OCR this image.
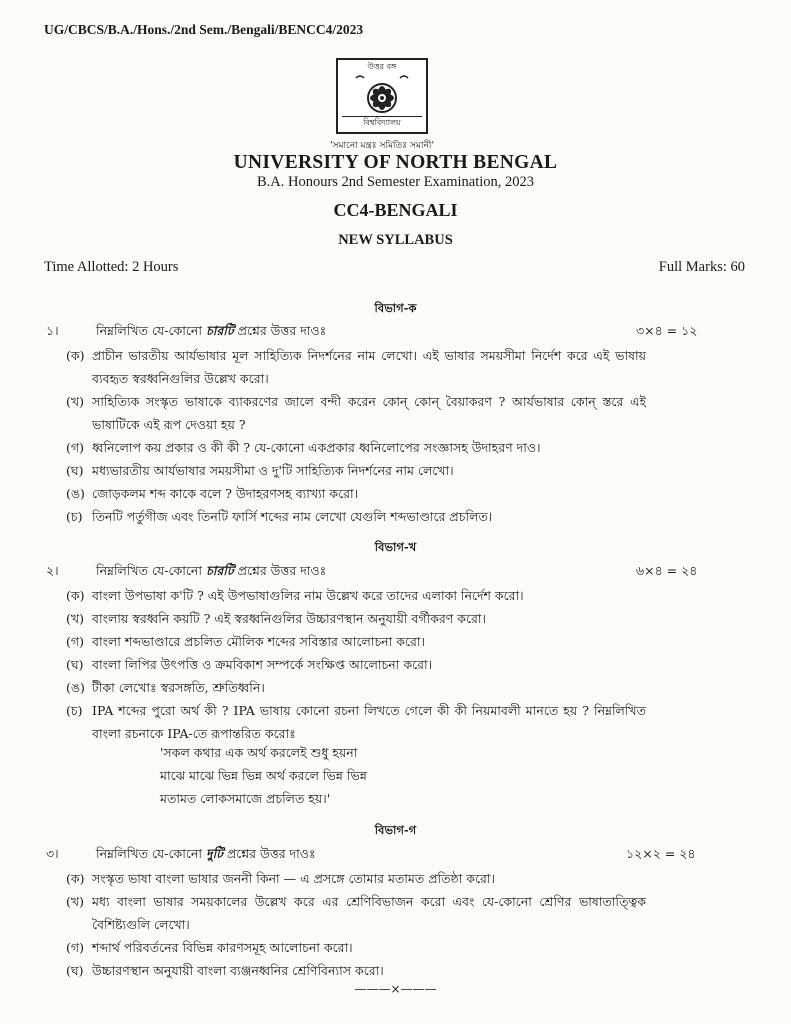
UG/CBCS/B.A./Hons./2nd Sem./Bengali/BENCC4/2023
উত্তর বঙ্গ
বিশ্ববিদ্যালয়
'সমানো মন্ত্রঃ সমিতিঃ সমানী'
UNIVERSITY OF NORTH BENGAL
B.A. Honours 2nd Semester Examination, 2023
CC4-BENGALI
NEW SYLLABUS
Time Allotted: 2 Hours	Full Marks: 60
বিভাগ-ক
১।	নিম্নলিখিত যে-কোনো চারটি প্রশ্নের উত্তর দাওঃ	৩×৪ = ১২
(ক) প্রাচীন ভারতীয় আর্যভাষার মূল সাহিত্যিক নিদর্শনের নাম লেখো। এই ভাষার সময়সীমা নির্দেশ করে এই ভাষায় ব্যবহৃত স্বরধ্বনিগুলির উল্লেখ করো।
(খ) সাহিত্যিক সংস্কৃত ভাষাকে ব্যাকরণের জালে বন্দী করেন কোন্‌ কোন্‌ বৈয়াকরণ ? আর্যভাষার কোন্‌ স্তরে এই ভাষাটিকে এই রূপ দেওয়া হয় ?
(গ) ধ্বনিলোপ কয় প্রকার ও কী কী ? যে-কোনো একপ্রকার ধ্বনিলোপের সংজ্ঞাসহ উদাহরণ দাও।
(ঘ) মধ্যভারতীয় আর্যভাষার সময়সীমা ও দু'টি সাহিত্যিক নিদর্শনের নাম লেখো।
(ঙ) জোড়কলম শব্দ কাকে বলে ? উদাহরণসহ ব্যাখ্যা করো।
(চ) তিনটি পর্তুগীজ এবং তিনটি ফার্সি শব্দের নাম লেখো যেগুলি শব্দভাণ্ডারে প্রচলিত।
বিভাগ-খ
২।	নিম্নলিখিত যে-কোনো চারটি প্রশ্নের উত্তর দাওঃ	৬×৪ = ২৪
(ক) বাংলা উপভাষা ক'টি ? এই উপভাষাগুলির নাম উল্লেখ করে তাদের এলাকা নির্দেশ করো।
(খ) বাংলায় স্বরধ্বনি কয়টি ? এই স্বরধ্বনিগুলির উচ্চারণস্থান অনুযায়ী বর্গীকরণ করো।
(গ) বাংলা শব্দভাণ্ডারে প্রচলিত মৌলিক শব্দের সবিস্তার আলোচনা করো।
(ঘ) বাংলা লিপির উৎপত্তি ও ক্রমবিকাশ সম্পর্কে সংক্ষিপ্ত আলোচনা করো।
(ঙ) টীকা লেখোঃ স্বরসঙ্গতি, শ্রুতিধ্বনি।
(চ) IPA শব্দের পুরো অর্থ কী ? IPA ভাষায় কোনো রচনা লিখতে গেলে কী কী নিয়মাবলী মানতে হয় ? নিম্নলিখিত বাংলা রচনাকে IPA-তে রূপান্তরিত করোঃ
'সকল কথার এক অর্থ করলেই শুধু হয়না
মাঝে মাঝে ভিন্ন ভিন্ন অর্থ করলে ভিন্ন ভিন্ন
মতামত লোকসমাজে প্রচলিত হয়।'
বিভাগ-গ
৩।	নিম্নলিখিত যে-কোনো দুটি প্রশ্নের উত্তর দাওঃ	১২×২ = ২৪
(ক) সংস্কৃত ভাষা বাংলা ভাষার জননী কিনা — এ প্রসঙ্গে তোমার মতামত প্রতিষ্ঠা করো।
(খ) মধ্য বাংলা ভাষার সময়কালের উল্লেখ করে এর শ্রেণিবিভাজন করো এবং যে-কোনো শ্রেণির ভাষাতাত্ত্বিক বৈশিষ্ট্যগুলি লেখো।
(গ) শব্দার্থ পরিবর্তনের বিভিন্ন কারণসমূহ আলোচনা করো।
(ঘ) উচ্চারণস্থান অনুযায়ী বাংলা ব্যঞ্জনধ্বনির শ্রেণিবিন্যাস করো।
———×———
